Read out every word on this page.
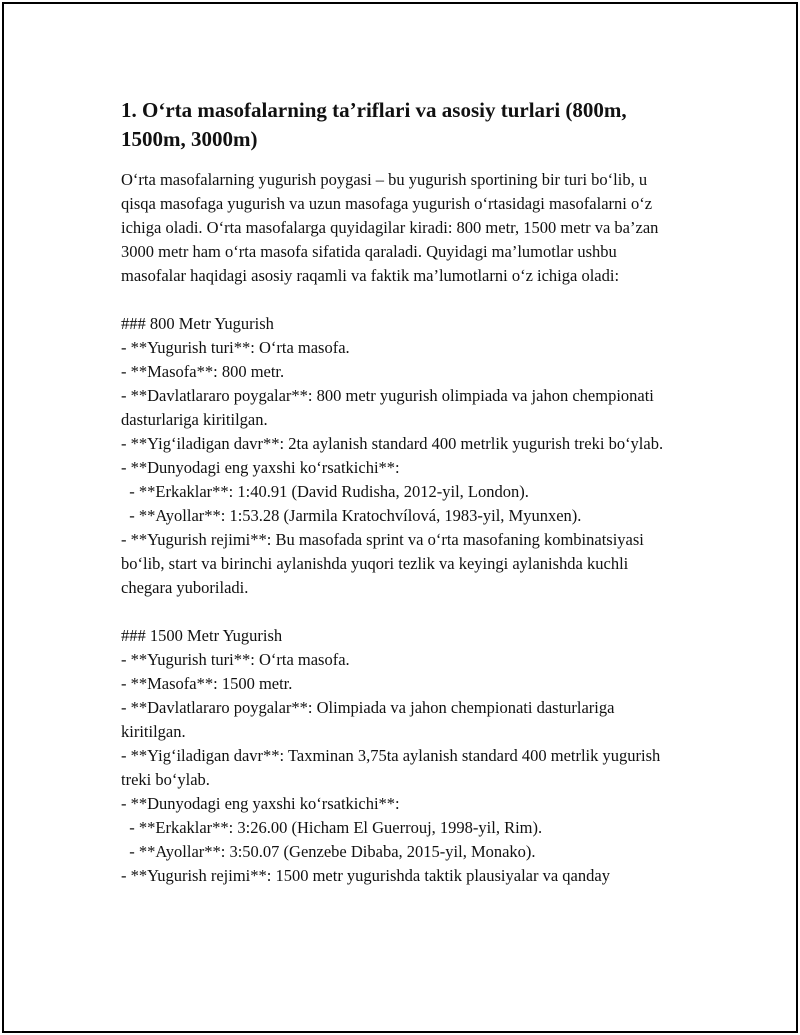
1. O‘rta masofalarning ta’riflari va asosiy turlari (800m, 1500m, 3000m)

O‘rta masofalarning yugurish poygasi – bu yugurish sportining bir turi bo‘lib, u qisqa masofaga yugurish va uzun masofaga yugurish o‘rtasidagi masofalarni o‘z ichiga oladi. O‘rta masofalarga quyidagilar kiradi: 800 metr, 1500 metr va ba’zan 3000 metr ham o‘rta masofa sifatida qaraladi. Quyidagi ma’lumotlar ushbu masofalar haqidagi asosiy raqamli va faktik ma’lumotlarni o‘z ichiga oladi:

### 800 Metr Yugurish

- **Yugurish turi**: O‘rta masofa.

- **Masofa**: 800 metr.

- **Davlatlararo poygalar**: 800 metr yugurish olimpiada va jahon chempionati dasturlariga kiritilgan.

- **Yig‘iladigan davr**: 2ta aylanish standard 400 metrlik yugurish treki bo‘ylab.

- **Dunyodagi eng yaxshi ko‘rsatkichi**:

- **Erkaklar**: 1:40.91 (David Rudisha, 2012-yil, London).

- **Ayollar**: 1:53.28 (Jarmila Kratochvílová, 1983-yil, Myunxen).

- **Yugurish rejimi**: Bu masofada sprint va o‘rta masofaning kombinatsiyasi bo‘lib, start va birinchi aylanishda yuqori tezlik va keyingi aylanishda kuchli chegara yuboriladi.

### 1500 Metr Yugurish

- **Yugurish turi**: O‘rta masofa.

- **Masofa**: 1500 metr.

- **Davlatlararo poygalar**: Olimpiada va jahon chempionati dasturlariga kiritilgan.

- **Yig‘iladigan davr**: Taxminan 3,75ta aylanish standard 400 metrlik yugurish treki bo‘ylab.

- **Dunyodagi eng yaxshi ko‘rsatkichi**:

- **Erkaklar**: 3:26.00 (Hicham El Guerrouj, 1998-yil, Rim).

- **Ayollar**: 3:50.07 (Genzebe Dibaba, 2015-yil, Monako).

- **Yugurish rejimi**: 1500 metr yugurishda taktik plausiyalar va qanday
